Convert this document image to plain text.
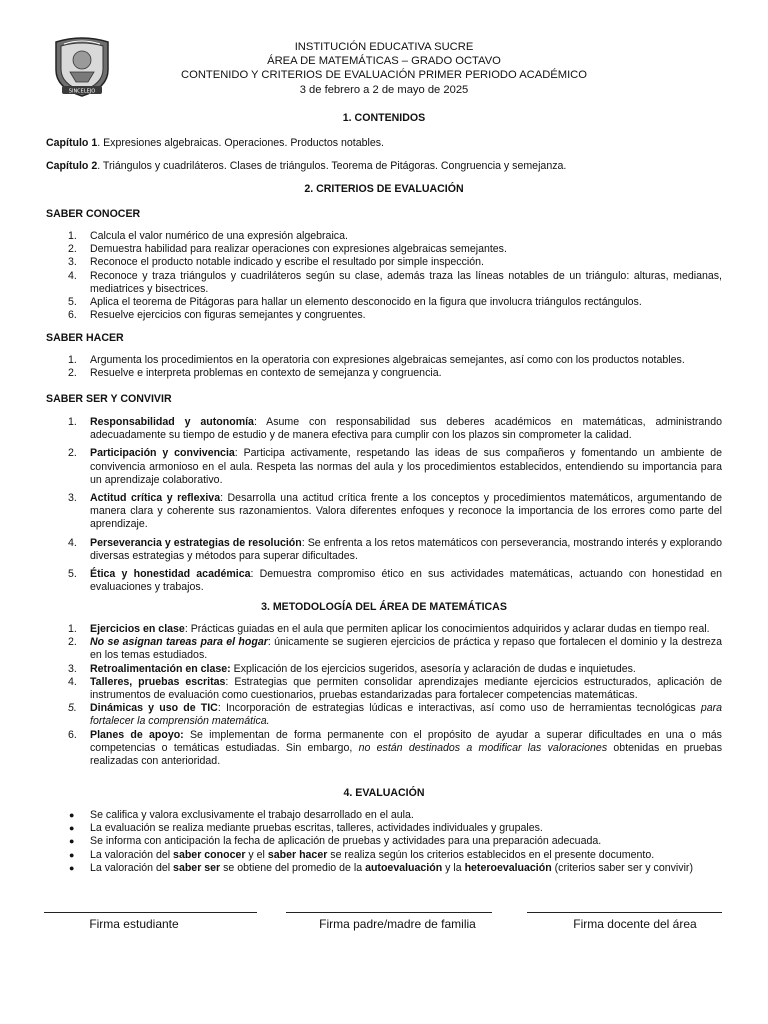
SINCELEJO
INSTITUCIÓN EDUCATIVA SUCRE
ÁREA DE MATEMÁTICAS – GRADO OCTAVO
CONTENIDO Y CRITERIOS DE EVALUACIÓN PRIMER PERIODO ACADÉMICO
3 de febrero a 2 de mayo de 2025
1. CONTENIDOS
Capítulo 1. Expresiones algebraicas. Operaciones. Productos notables.
Capítulo 2. Triángulos y cuadriláteros. Clases de triángulos. Teorema de Pitágoras. Congruencia y semejanza.
2. CRITERIOS DE EVALUACIÓN
SABER CONOCER
1. Calcula el valor numérico de una expresión algebraica.
2. Demuestra habilidad para realizar operaciones con expresiones algebraicas semejantes.
3. Reconoce el producto notable indicado y escribe el resultado por simple inspección.
4. Reconoce y traza triángulos y cuadriláteros según su clase, además traza las líneas notables de un triángulo: alturas, medianas, mediatrices y bisectrices.
5. Aplica el teorema de Pitágoras para hallar un elemento desconocido en la figura que involucra triángulos rectángulos.
6. Resuelve ejercicios con figuras semejantes y congruentes.
SABER HACER
1. Argumenta los procedimientos en la operatoria con expresiones algebraicas semejantes, así como con los productos notables.
2. Resuelve e interpreta problemas en contexto de semejanza y congruencia.
SABER SER Y CONVIVIR
1. Responsabilidad y autonomía: Asume con responsabilidad sus deberes académicos en matemáticas, administrando adecuadamente su tiempo de estudio y de manera efectiva para cumplir con los plazos sin comprometer la calidad.
2. Participación y convivencia: Participa activamente, respetando las ideas de sus compañeros y fomentando un ambiente de convivencia armonioso en el aula. Respeta las normas del aula y los procedimientos establecidos, entendiendo su importancia para un aprendizaje colaborativo.
3. Actitud crítica y reflexiva: Desarrolla una actitud crítica frente a los conceptos y procedimientos matemáticos, argumentando de manera clara y coherente sus razonamientos. Valora diferentes enfoques y reconoce la importancia de los errores como parte del aprendizaje.
4. Perseverancia y estrategias de resolución: Se enfrenta a los retos matemáticos con perseverancia, mostrando interés y explorando diversas estrategias y métodos para superar dificultades.
5. Ética y honestidad académica: Demuestra compromiso ético en sus actividades matemáticas, actuando con honestidad en evaluaciones y trabajos.
3. METODOLOGÍA DEL ÁREA DE MATEMÁTICAS
1. Ejercicios en clase: Prácticas guiadas en el aula que permiten aplicar los conocimientos adquiridos y aclarar dudas en tiempo real.
2. No se asignan tareas para el hogar: únicamente se sugieren ejercicios de práctica y repaso que fortalecen el dominio y la destreza en los temas estudiados.
3. Retroalimentación en clase: Explicación de los ejercicios sugeridos, asesoría y aclaración de dudas e inquietudes.
4. Talleres, pruebas escritas: Estrategias que permiten consolidar aprendizajes mediante ejercicios estructurados, aplicación de instrumentos de evaluación como cuestionarios, pruebas estandarizadas para fortalecer competencias matemáticas.
5. Dinámicas y uso de TIC: Incorporación de estrategias lúdicas e interactivas, así como uso de herramientas tecnológicas para fortalecer la comprensión matemática.
6. Planes de apoyo: Se implementan de forma permanente con el propósito de ayudar a superar dificultades en una o más competencias o temáticas estudiadas. Sin embargo, no están destinados a modificar las valoraciones obtenidas en pruebas realizadas con anterioridad.
4. EVALUACIÓN
● Se califica y valora exclusivamente el trabajo desarrollado en el aula.
● La evaluación se realiza mediante pruebas escritas, talleres, actividades individuales y grupales.
● Se informa con anticipación la fecha de aplicación de pruebas y actividades para una preparación adecuada.
● La valoración del saber conocer y el saber hacer se realiza según los criterios establecidos en el presente documento.
● La valoración del saber ser se obtiene del promedio de la autoevaluación y la heteroevaluación (criterios saber ser y convivir)
Firma estudiante	Firma padre/madre de familia	Firma docente del área
